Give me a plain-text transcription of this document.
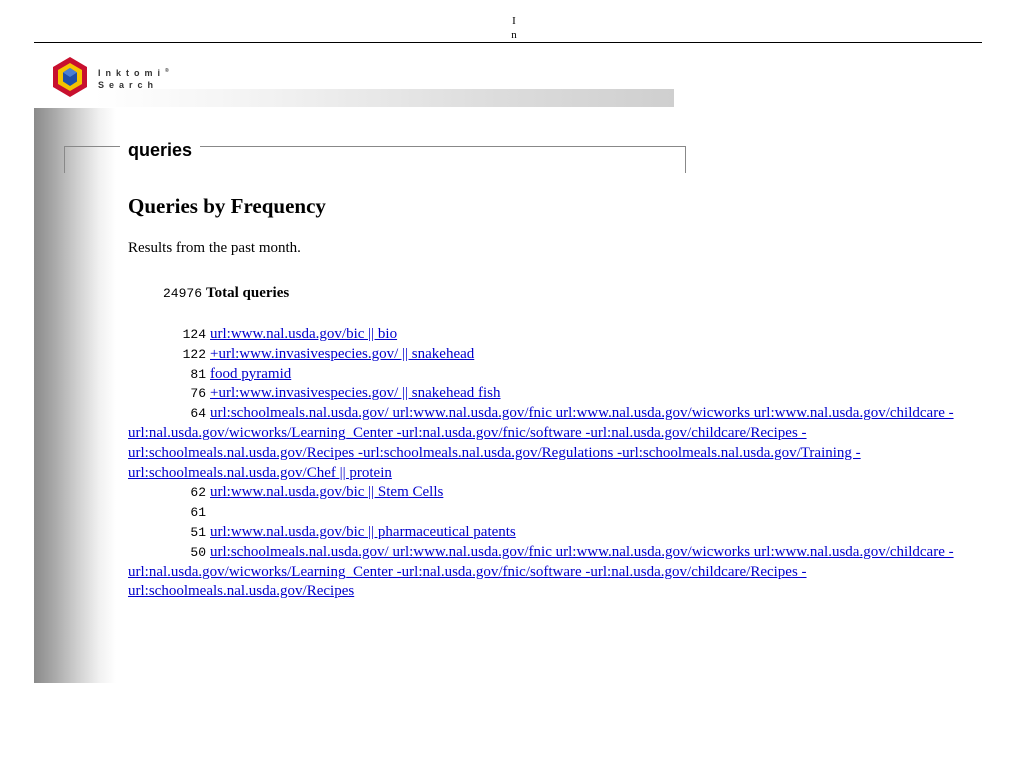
I
n
Inktomi®
Search
queries
Queries by Frequency
Results from the past month.
24976 Total queries
124 url:www.nal.usda.gov/bic || bio
122 +url:www.invasivespecies.gov/ || snakehead
81 food pyramid
76 +url:www.invasivespecies.gov/ || snakehead fish
64 url:schoolmeals.nal.usda.gov/ url:www.nal.usda.gov/fnic url:www.nal.usda.gov/wicworks url:www.nal.usda.gov/childcare -url:nal.usda.gov/wicworks/Learning_Center -url:nal.usda.gov/fnic/software -url:nal.usda.gov/childcare/Recipes -url:schoolmeals.nal.usda.gov/Recipes -url:schoolmeals.nal.usda.gov/Regulations -url:schoolmeals.nal.usda.gov/Training -url:schoolmeals.nal.usda.gov/Chef || protein
62 url:www.nal.usda.gov/bic || Stem Cells
61
51 url:www.nal.usda.gov/bic || pharmaceutical patents
50 url:schoolmeals.nal.usda.gov/ url:www.nal.usda.gov/fnic url:www.nal.usda.gov/wicworks url:www.nal.usda.gov/childcare -url:nal.usda.gov/wicworks/Learning_Center -url:nal.usda.gov/fnic/software -url:nal.usda.gov/childcare/Recipes -url:schoolmeals.nal.usda.gov/Recipes
